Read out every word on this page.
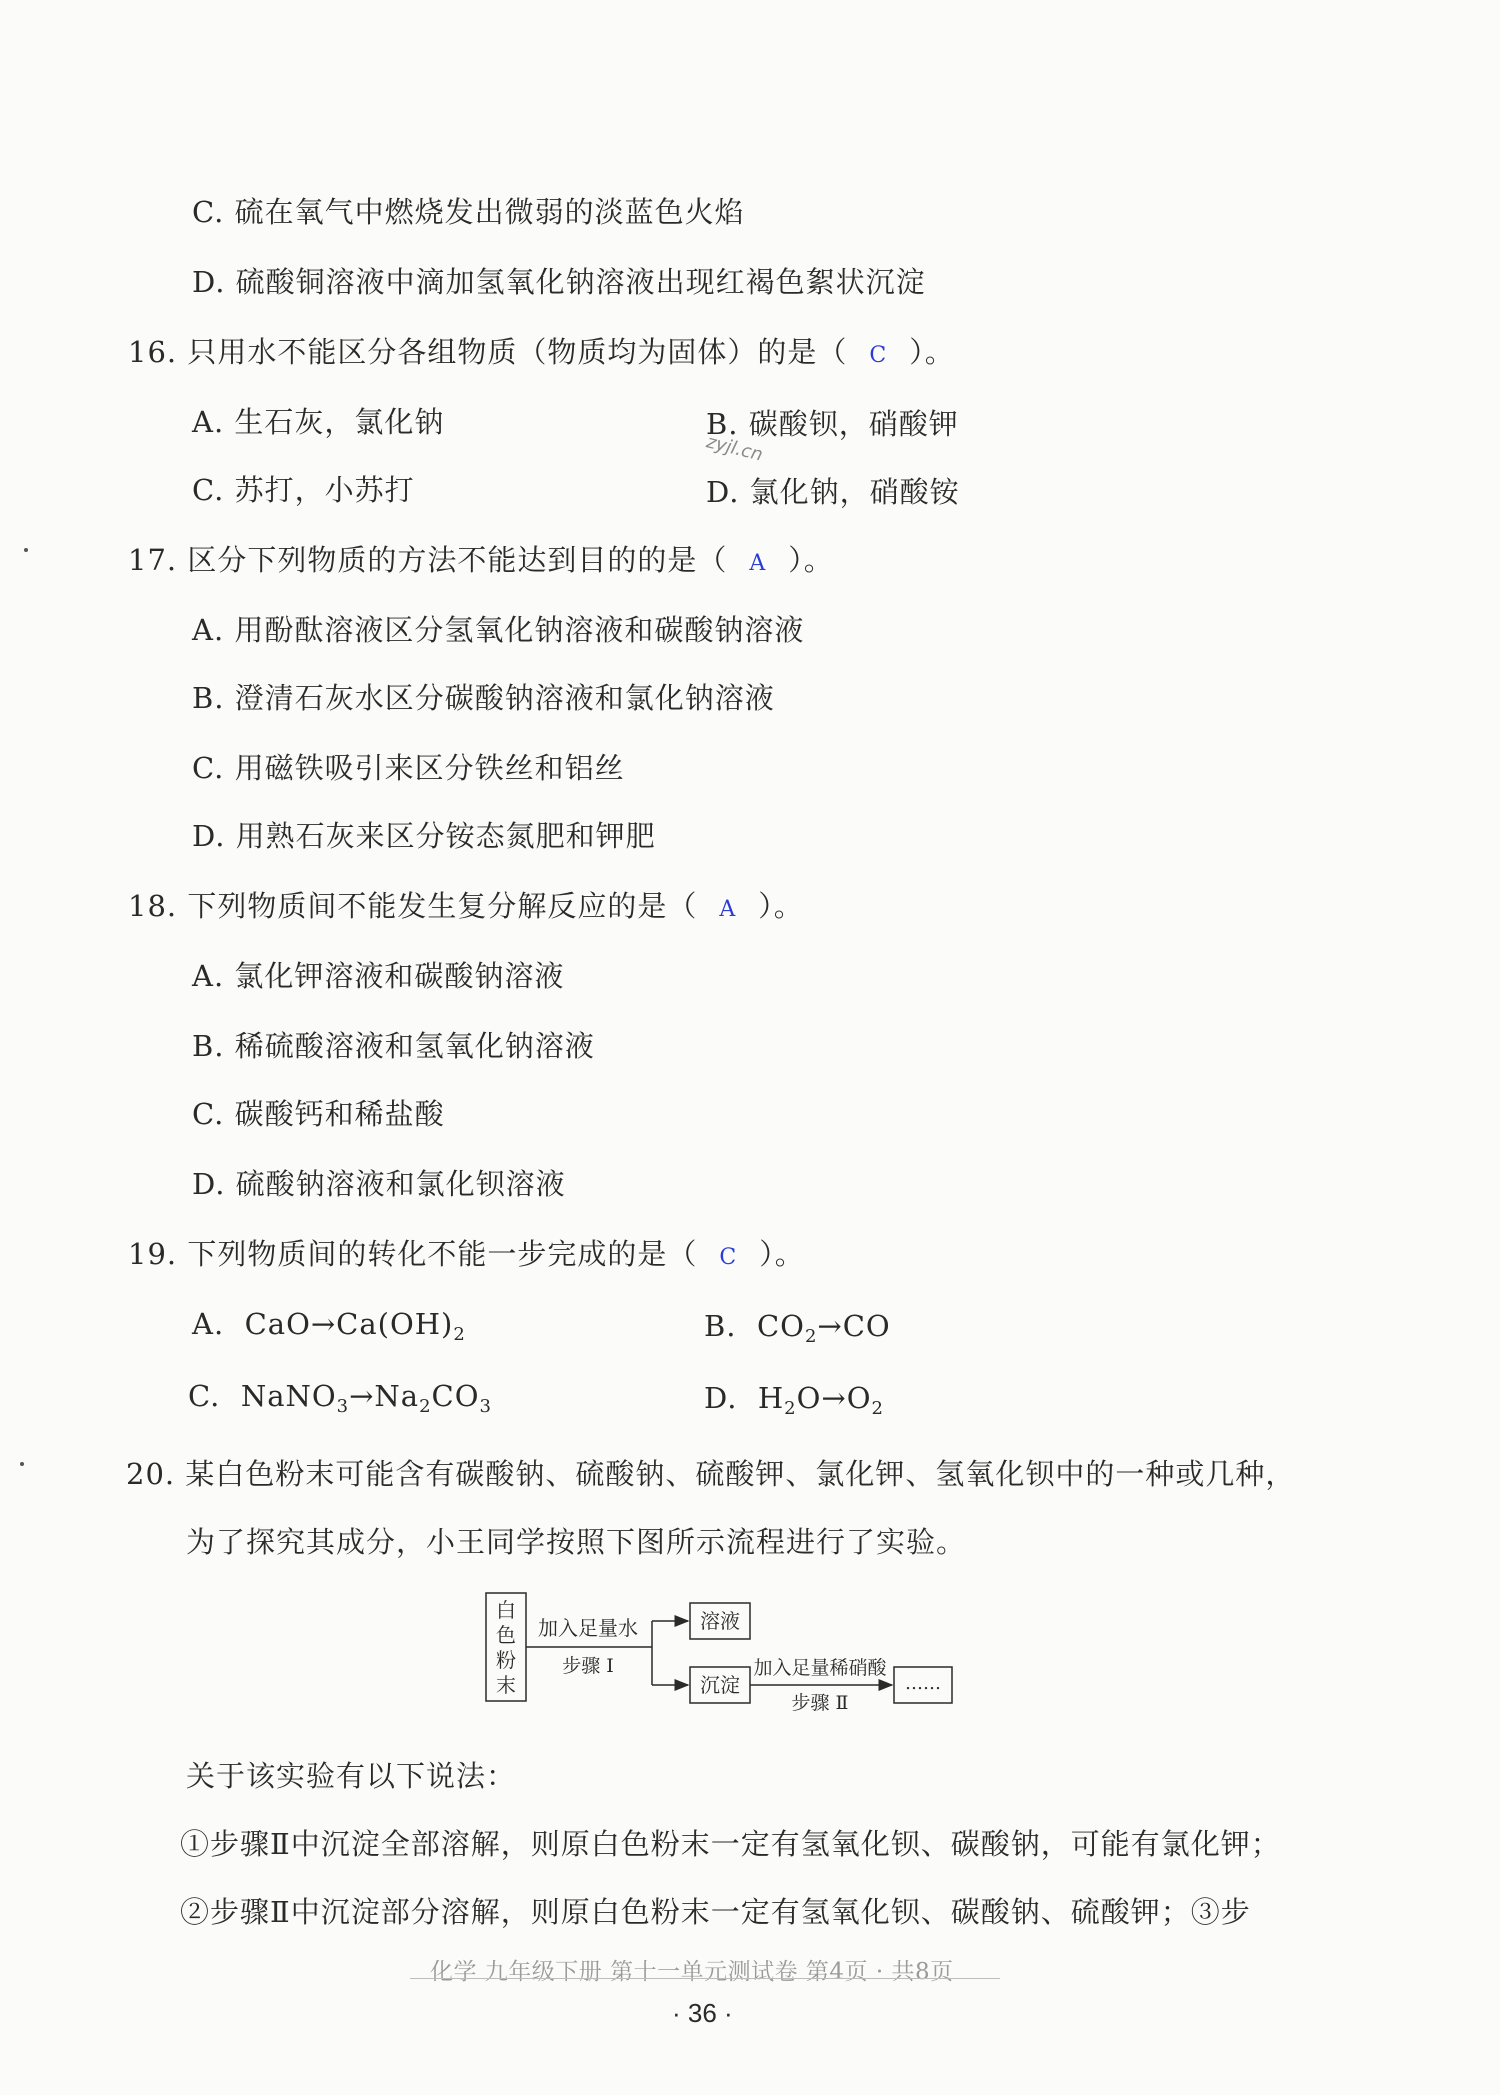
C. 硫在氧气中燃烧发出微弱的淡蓝色火焰
D. 硫酸铜溶液中滴加氢氧化钠溶液出现红褐色絮状沉淀
16. 只用水不能区分各组物质（物质均为固体）的是（ C ）。
A. 生石灰，氯化钠	B. 碳酸钡，硝酸钾
zyjl.cn
C. 苏打，小苏打	D. 氯化钠，硝酸铵
17. 区分下列物质的方法不能达到目的的是（ A ）。
A. 用酚酞溶液区分氢氧化钠溶液和碳酸钠溶液
B. 澄清石灰水区分碳酸钠溶液和氯化钠溶液
C. 用磁铁吸引来区分铁丝和铝丝
D. 用熟石灰来区分铵态氮肥和钾肥
18. 下列物质间不能发生复分解反应的是（ A ）。
A. 氯化钾溶液和碳酸钠溶液
B. 稀硫酸溶液和氢氧化钠溶液
C. 碳酸钙和稀盐酸
D. 硫酸钠溶液和氯化钡溶液
19. 下列物质间的转化不能一步完成的是（ C ）。
A. $CaO\to Ca(OH)_2$	B. $CO_2\to CO$
C. $NaNO_3\to Na_2CO_3$	D. $H_2O\to O_2$
20. 某白色粉末可能含有碳酸钠、硫酸钠、硫酸钾、氯化钾、氢氧化钡中的一种或几种，
为了探究其成分，小王同学按照下图所示流程进行了实验。
白
色
粉
末
加入足量水
步骤 Ⅰ
溶液
沉淀
加入足量稀硝酸
步骤 Ⅱ
……
关于该实验有以下说法：
①步骤Ⅱ中沉淀全部溶解，则原白色粉末一定有氢氧化钡、碳酸钠，可能有氯化钾；
②步骤Ⅱ中沉淀部分溶解，则原白色粉末一定有氢氧化钡、碳酸钠、硫酸钾；③步
化学 九年级下册 第十一单元测试卷 第4页 · 共8页
· 36 ·
